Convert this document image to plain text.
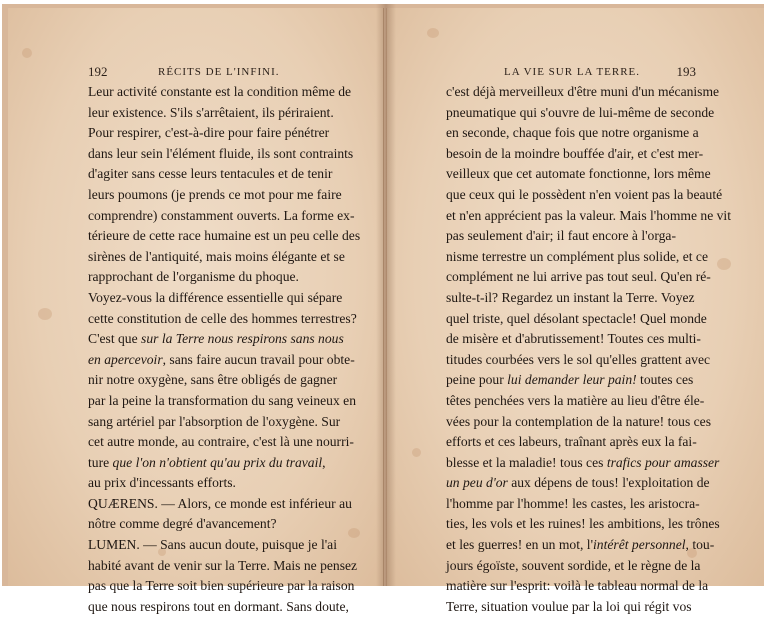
192	RÉCITS DE L'INFINI.	LA VIE SUR LA TERRE.	193
Leur activité constante est la condition même de
leur existence. S'ils s'arrêtaient, ils périraient.
Pour respirer, c'est-à-dire pour faire pénétrer
dans leur sein l'élément fluide, ils sont contraints
d'agiter sans cesse leurs tentacules et de tenir
leurs poumons (je prends ce mot pour me faire
comprendre) constamment ouverts. La forme ex-
térieure de cette race humaine est un peu celle des
sirènes de l'antiquité, mais moins élégante et se
rapprochant de l'organisme du phoque.
Voyez-vous la différence essentielle qui sépare
cette constitution de celle des hommes terrestres?
C'est que sur la Terre nous respirons sans nous
en apercevoir, sans faire aucun travail pour obte-
nir notre oxygène, sans être obligés de gagner
par la peine la transformation du sang veineux en
sang artériel par l'absorption de l'oxygène. Sur
cet autre monde, au contraire, c'est là une nourri-
ture que l'on n'obtient qu'au prix du travail,
au prix d'incessants efforts.
QUÆRENS. — Alors, ce monde est inférieur au
nôtre comme degré d'avancement?
LUMEN. — Sans aucun doute, puisque je l'ai
habité avant de venir sur la Terre. Mais ne pensez
pas que la Terre soit bien supérieure par la raison
que nous respirons tout en dormant. Sans doute,
c'est déjà merveilleux d'être muni d'un mécanisme
pneumatique qui s'ouvre de lui-même de seconde
en seconde, chaque fois que notre organisme a
besoin de la moindre bouffée d'air, et c'est mer-
veilleux que cet automate fonctionne, lors même
que ceux qui le possèdent n'en voient pas la beauté
et n'en apprécient pas la valeur. Mais l'homme ne vit
pas seulement d'air; il faut encore à l'orga-
nisme terrestre un complément plus solide, et ce
complément ne lui arrive pas tout seul. Qu'en ré-
sulte-t-il? Regardez un instant la Terre. Voyez
quel triste, quel désolant spectacle! Quel monde
de misère et d'abrutissement! Toutes ces multi-
titudes courbées vers le sol qu'elles grattent avec
peine pour lui demander leur pain! toutes ces
têtes penchées vers la matière au lieu d'être éle-
vées pour la contemplation de la nature! tous ces
efforts et ces labeurs, traînant après eux la fai-
blesse et la maladie! tous ces trafics pour amasser
un peu d'or aux dépens de tous! l'exploitation de
l'homme par l'homme! les castes, les aristocra-
ties, les vols et les ruines! les ambitions, les trônes
et les guerres! en un mot, l'intérêt personnel, tou-
jours égoïste, souvent sordide, et le règne de la
matière sur l'esprit: voilà le tableau normal de la
Terre, situation voulue par la loi qui régit vos
